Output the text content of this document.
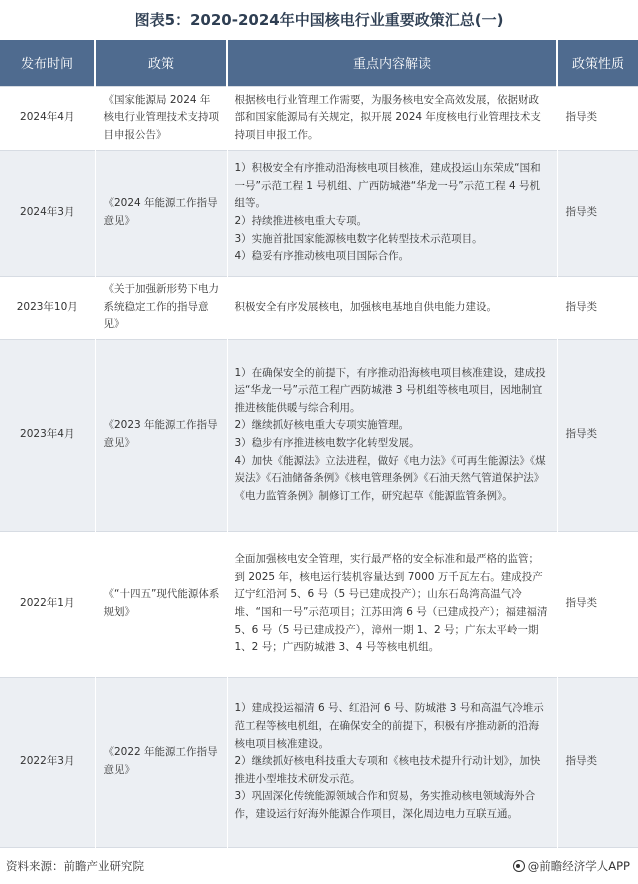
图表5：2020-2024年中国核电行业重要政策汇总(一)
发布时间	政策	重点内容解读	政策性质
2024年4月	《国家能源局 2024 年核电行业管理技术支持项目申报公告》	根据核电行业管理工作需要，为服务核电安全高效发展，依据财政部和国家能源局有关规定，拟开展 2024 年度核电行业管理技术支持项目申报工作。	指导类
2024年3月	《2024 年能源工作指导意见》	1）积极安全有序推动沿海核电项目核准，建成投运山东荣成“国和一号”示范工程 1 号机组、广西防城港“华龙一号”示范工程 4 号机组等。
2）持续推进核电重大专项。
3）实施首批国家能源核电数字化转型技术示范项目。
4）稳妥有序推动核电项目国际合作。	指导类
2023年10月	《关于加强新形势下电力系统稳定工作的指导意见》	积极安全有序发展核电，加强核电基地自供电能力建设。	指导类
2023年4月	《2023 年能源工作指导意见》	1）在确保安全的前提下，有序推动沿海核电项目核准建设，建成投运“华龙一号”示范工程广西防城港 3 号机组等核电项目，因地制宜推进核能供暖与综合利用。
2）继续抓好核电重大专项实施管理。
3）稳步有序推进核电数字化转型发展。
4）加快《能源法》立法进程，做好《电力法》《可再生能源法》《煤炭法》《石油储备条例》《核电管理条例》《石油天然气管道保护法》《电力监管条例》制修订工作，研究起草《能源监管条例》。	指导类
2022年1月	《“十四五”现代能源体系规划》	全面加强核电安全管理，实行最严格的安全标准和最严格的监管；到 2025 年，核电运行装机容量达到 7000 万千瓦左右。建成投产辽宁红沿河 5、6 号（5 号已建成投产）；山东石岛湾高温气冷堆、“国和一号”示范项目；江苏田湾 6 号（已建成投产）；福建福清 5、6 号（5 号已建成投产），漳州一期 1、2 号；广东太平岭一期 1、2 号；广西防城港 3、4 号等核电机组。	指导类
2022年3月	《2022 年能源工作指导意见》	1）建成投运福清 6 号、红沿河 6 号、防城港 3 号和高温气冷堆示范工程等核电机组，在确保安全的前提下，积极有序推动新的沿海核电项目核准建设。
2）继续抓好核电科技重大专项和《核电技术提升行动计划》，加快推进小型堆技术研发示范。
3）巩固深化传统能源领域合作和贸易，务实推动核电领域海外合作，建设运行好海外能源合作项目，深化周边电力互联互通。	指导类
资料来源：前瞻产业研究院	@前瞻经济学人APP
